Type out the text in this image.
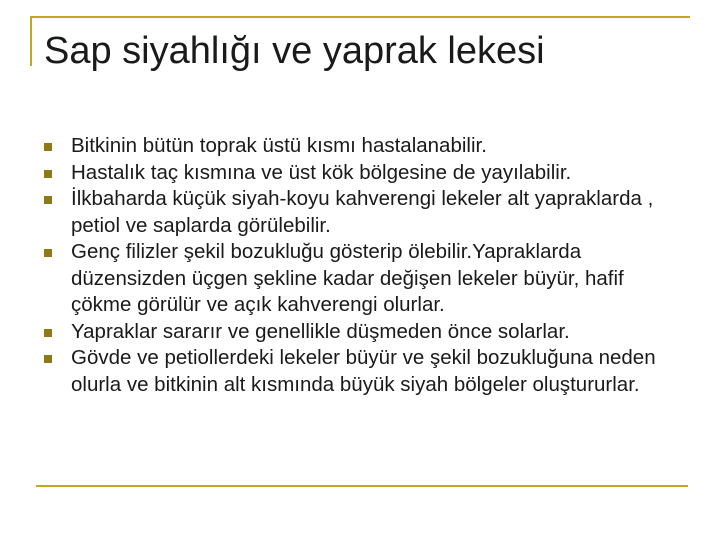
Sap siyahlığı ve yaprak lekesi
Bitkinin bütün toprak üstü kısmı hastalanabilir.
Hastalık taç kısmına ve üst kök bölgesine de yayılabilir.
İlkbaharda küçük siyah-koyu kahverengi lekeler alt yapraklarda , petiol ve saplarda görülebilir.
Genç filizler şekil bozukluğu gösterip ölebilir.Yapraklarda düzensizden üçgen şekline kadar değişen lekeler büyür, hafif çökme görülür ve açık kahverengi olurlar.
Yapraklar sararır ve genellikle düşmeden önce solarlar.
Gövde ve petiollerdeki lekeler büyür ve şekil bozukluğuna neden olurla ve bitkinin alt kısmında büyük siyah bölgeler oluştururlar.
